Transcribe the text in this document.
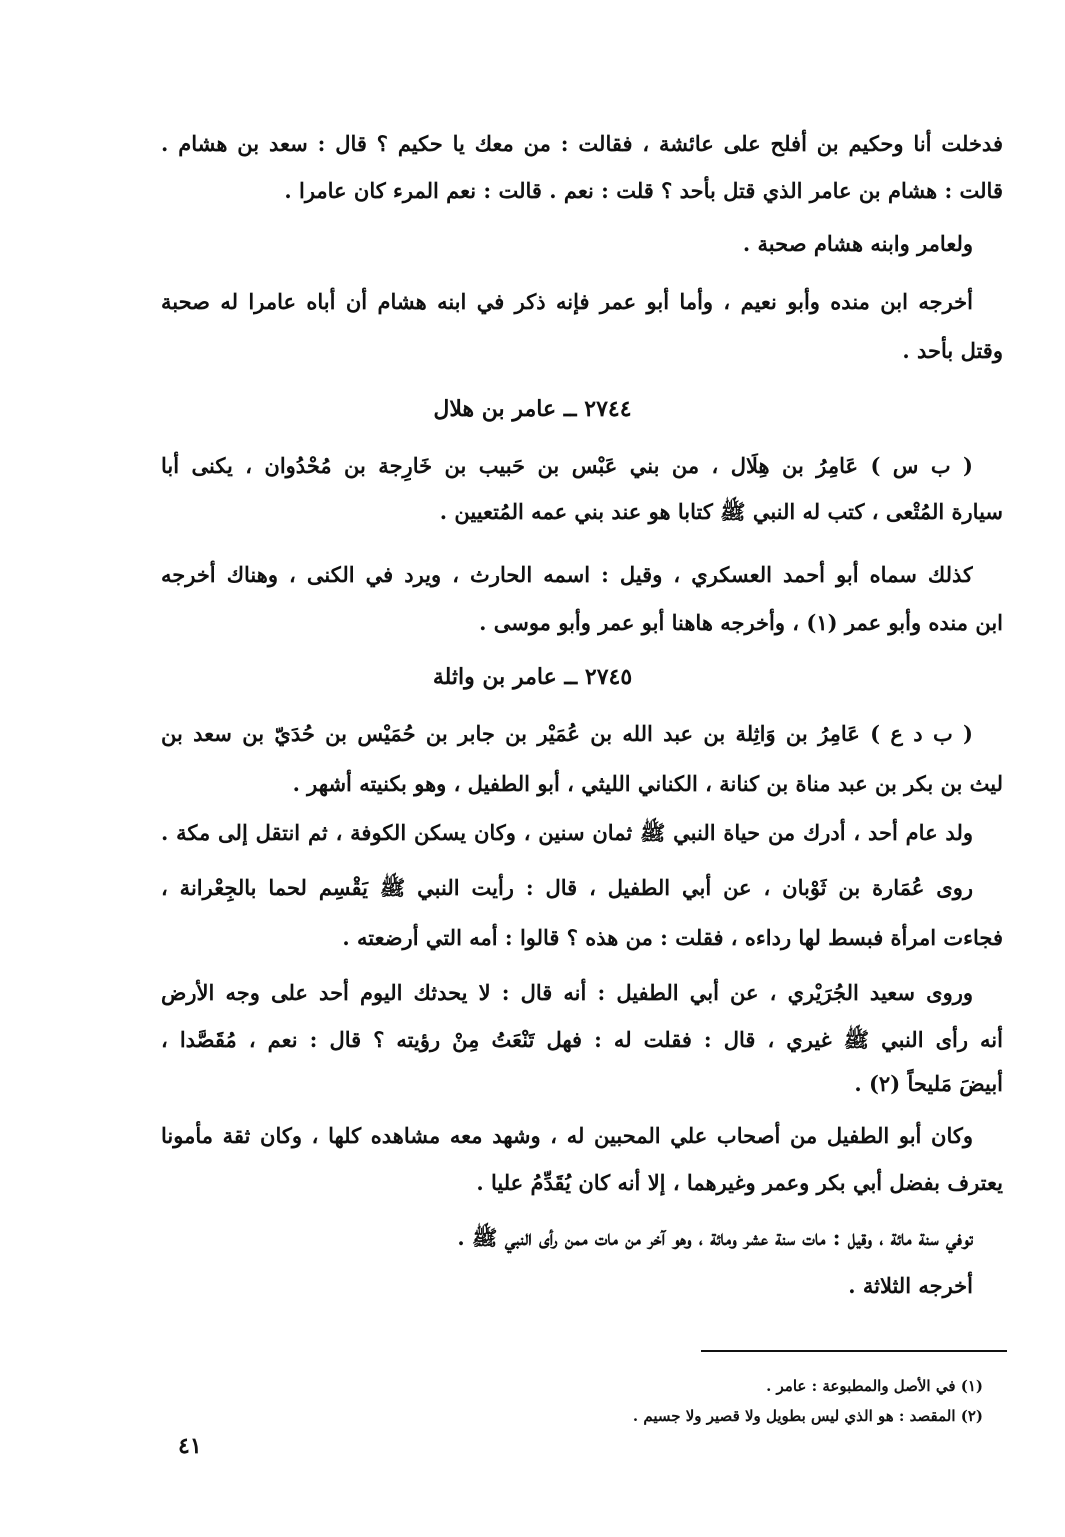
فدخلت أنا وحكيم بن أفلح على عائشة ، فقالت : من معك يا حكيم ؟ قال : سعد بن هشام .
قالت : هشام بن عامر الذي قتل بأحد ؟ قلت : نعم . قالت : نعم المرء كان عامرا .
ولعامر وابنه هشام صحبة .
أخرجه ابن منده وأبو نعيم ، وأما أبو عمر فإنه ذكر في ابنه هشام أن أباه عامرا له صحبة
وقتل بأحد .
٢٧٤٤ ــ عامر بن هلال
( ب س ) عَامِرُ بن هِلَال ، من بني عَبْس بن حَبيب بن خَارِجة بن مُحْدُوان ، يكنى أبا
سيارة المُتْعى ، كتب له النبي ﷺ كتابا هو عند بني عمه المُتعيين .
كذلك سماه أبو أحمد العسكري ، وقيل : اسمه الحارث ، ويرد في الكنى ، وهناك أخرجه
ابن منده وأبو عمر (١) ، وأخرجه هاهنا أبو عمر وأبو موسى .
٢٧٤٥ ــ عامر بن واثلة
( ب د ع ) عَامِرُ بن وَاثِلة بن عبد الله بن عُمَيْر بن جابر بن حُمَيْس بن حُدَيّ بن سعد بن
ليث بن بكر بن عبد مناة بن كنانة ، الكناني الليثي ، أبو الطفيل ، وهو بكنيته أشهر .
ولد عام أحد ، أدرك من حياة النبي ﷺ ثمان سنين ، وكان يسكن الكوفة ، ثم انتقل إلى مكة .
روى عُمَارة بن ثَوْبان ، عن أبي الطفيل ، قال : رأيت النبي ﷺ يَقْسِم لحما بالجِعْرانة ،
فجاءت امرأة فبسط لها رداءه ، فقلت : من هذه ؟ قالوا : أمه التي أرضعته .
وروى سعيد الجُرَيْري ، عن أبي الطفيل : أنه قال : لا يحدثك اليوم أحد على وجه الأرض
أنه رأى النبي ﷺ غيري ، قال : فقلت له : فهل تَنْعَتُ مِنْ رؤيته ؟ قال : نعم ، مُقَصَّدا ،
أبيضَ مَليحاً (٢) .
وكان أبو الطفيل من أصحاب علي المحبين له ، وشهد معه مشاهده كلها ، وكان ثقة مأمونا
يعترف بفضل أبي بكر وعمر وغيرهما ، إلا أنه كان يُقَدِّمُ عليا .
توفي سنة مائة ، وقيل : مات سنة عشر ومائة ، وهو آخر من مات ممن رأى النبي ﷺ .
أخرجه الثلاثة .
(١) في الأصل والمطبوعة : عامر .
(٢) المقصد : هو الذي ليس بطويل ولا قصير ولا جسيم .
٤١
